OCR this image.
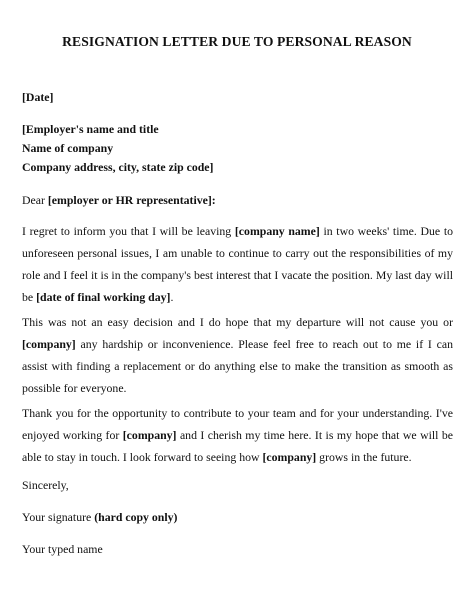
RESIGNATION LETTER DUE TO PERSONAL REASON
[Date]
[Employer's name and title
Name of company
Company address, city, state zip code]
Dear [employer or HR representative]:

I regret to inform you that I will be leaving [company name] in two weeks' time. Due to unforeseen personal issues, I am unable to continue to carry out the responsibilities of my role and I feel it is in the company's best interest that I vacate the position. My last day will be [date of final working day].

This was not an easy decision and I do hope that my departure will not cause you or [company] any hardship or inconvenience. Please feel free to reach out to me if I can assist with finding a replacement or do anything else to make the transition as smooth as possible for everyone.

Thank you for the opportunity to contribute to your team and for your understanding. I've enjoyed working for [company] and I cherish my time here. It is my hope that we will be able to stay in touch. I look forward to seeing how [company] grows in the future.

Sincerely,
Your signature (hard copy only)
Your typed name
